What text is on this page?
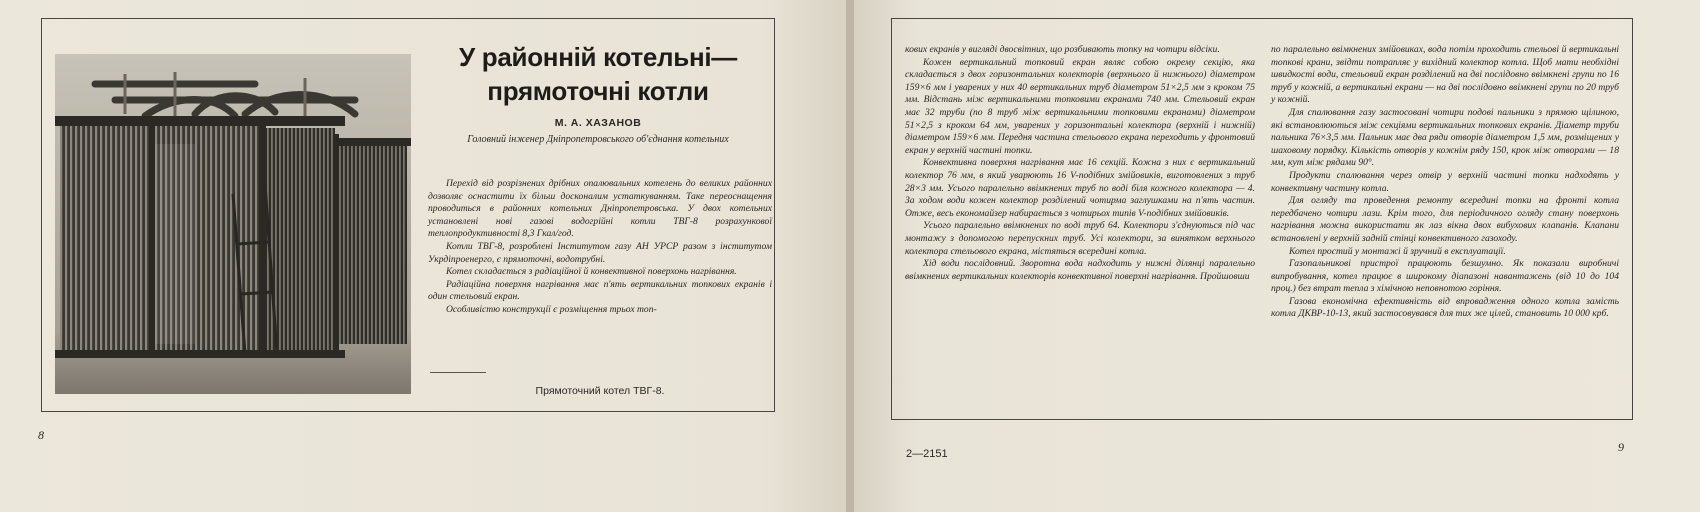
У районній котельні—
прямоточні котли
М. А. ХАЗАНОВ
Головний інженер Дніпропетровського об'єднання котельних

Перехід від розрізнених дрібних опалювальних котелень до великих районних дозволяє оснастити їх більш досконалим устаткуванням. Таке переоснащення проводиться в районних котельних Дніпропетровська. У двох котельних установлені нові газові водогрійні котли ТВГ-8 розрахункової теплопродуктивності 8,3 Гкал/год.

Котли ТВГ-8, розроблені Інститутом газу АН УРСР разом з інститутом Укрдіпроенерго, є прямоточні, водотрубні.

Котел складається з радіаційної й конвективної поверхонь нагрівання.

Радіаційна поверхня нагрівання має п'ять вертикальних топкових екранів і один стельовий екран.

Особливістю конструкції є розміщення трьох топ-

Прямоточний котел ТВГ-8.
8

кових екранів у вигляді двосвітних, що розбивають топку на чотири відсіки.

Кожен вертикальний топковий екран являє собою окрему секцію, яка складається з двох горизонтальних колекторів (верхнього й нижнього) діаметром 159×6 мм і уварених у них 40 вертикальних труб діаметром 51×2,5 мм з кроком 75 мм. Відстань між вертикальними топковими екранами 740 мм. Стельовий екран має 32 труби (по 8 труб між вертикальними топковими екранами) діаметром 51×2,5 з кроком 64 мм, уварених у горизонтальні колектора (верхній і нижній) діаметром 159×6 мм. Передня частина стельового екрана переходить у фронтовий екран у верхній частині топки.

Конвективна поверхня нагрівання має 16 секцій. Кожна з них є вертикальний колектор 76 мм, в який уварюють 16 V-подібних змійовиків, виготовлених з труб 28×3 мм. Усього паралельно ввімкнених труб по воді біля кожного колектора — 4. За ходом води кожен колектор розділений чотирма заглушками на п'ять частин. Отже, весь економайзер набирається з чотирьох типів V-подібних змійовиків.

Усього паралельно ввімкнених по воді труб 64. Колектори з'єднуються під час монтажу з допомогою перепускних труб. Усі колектори, за винятком верхнього колектора стельового екрана, містяться всередині котла.

Хід води послідовний. Зворотна вода надходить у нижні ділянці паралельно ввімкнених вертикальних колекторів конвективної поверхні нагрівання. Пройшовши

по паралельно ввімкнених змійовиках, вода потім проходить стельові й вертикальні топкові крани, звідти потрапляє у вихідний колектор котла. Щоб мати необхідні швидкості води, стельовий екран розділений на дві послідовно ввімкнені групи по 16 труб у кожній, а вертикальні екрани — на дві послідовно ввімкнені групи по 20 труб у кожній.

Для спалювання газу застосовані чотири подові пальники з прямою щілиною, які встановлюються між секціями вертикальних топкових екранів. Діаметр труби пальника 76×3,5 мм. Пальник має два ряди отворів діаметром 1,5 мм, розміщених у шаховому порядку. Кількість отворів у кожнім ряду 150, крок між отворами — 18 мм, кут між рядами 90°.

Продукти спалювання через отвір у верхній частині топки надходять у конвективну частину котла.

Для огляду та проведення ремонту всередині топки на фронті котла передбачено чотири лази. Крім того, для періодичного огляду стану поверхонь нагрівання можна використати як лаз вікна двох вибухових клапанів. Клапани встановлені у верхній задній стінці конвективного газоходу.

Котел простий у монтажі й зручний в експлуатації.

Газопальникові пристрої працюють безшумно. Як показали виробничі випробування, котел працює в широкому діапазоні навантажень (від 10 до 104 проц.) без втрат тепла з хімічною неповнотою горіння.

Газова економічна ефективність від впровадження одного котла замість котла ДКВР-10-13, який застосовувався для тих же цілей, становить 10 000 крб.

2—2151	9
